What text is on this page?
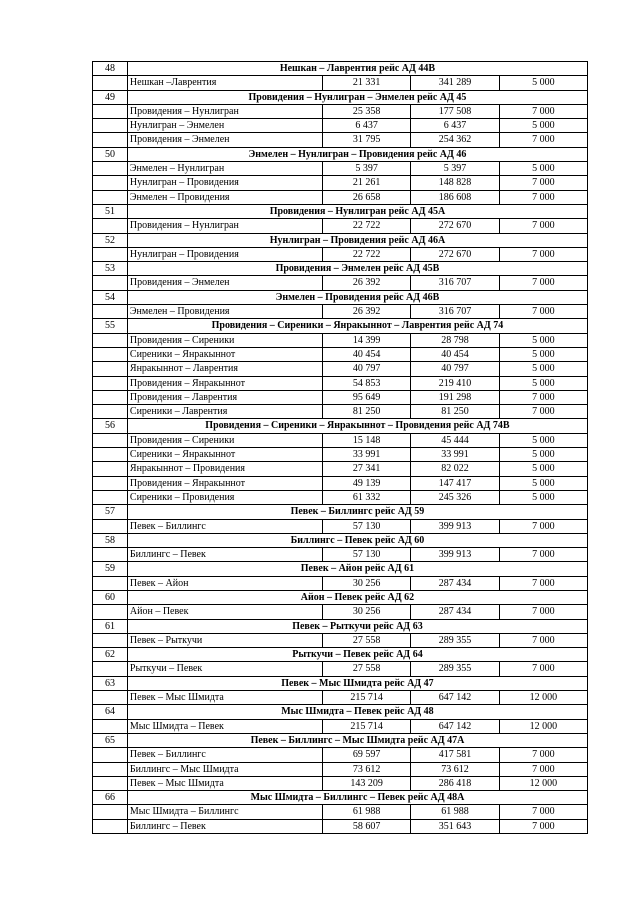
48	Нешкан – Лаврентия рейс АД 44В			
	Нешкан –Лаврентия	21 331	341 289	5 000
49	Провидения – Нунлигран – Энмелен рейс АД 45			
	Провидения – Нунлигран	25 358	177 508	7 000
	Нунлигран – Энмелен	6 437	6 437	5 000
	Провидения – Энмелен	31 795	254 362	7 000
50	Энмелен – Нунлигран – Провидения рейс АД 46			
	Энмелен – Нунлигран	5 397	5 397	5 000
	Нунлигран – Провидения	21 261	148 828	7 000
	Энмелен – Провидения	26 658	186 608	7 000
51	Провидения – Нунлигран рейс АД 45А			
	Провидения – Нунлигран	22 722	272 670	7 000
52	Нунлигран – Провидения рейс АД 46А			
	Нунлигран – Провидения	22 722	272 670	7 000
53	Провидения – Энмелен рейс АД 45В			
	Провидения – Энмелен	26 392	316 707	7 000
54	Энмелен – Провидения рейс АД 46В			
	Энмелен – Провидения	26 392	316 707	7 000
55	Провидения – Сиреники – Янракыннот – Лаврентия рейс АД 74			
	Провидения – Сиреники	14 399	28 798	5 000
	Сиреники – Янракыннот	40 454	40 454	5 000
	Янракыннот – Лаврентия	40 797	40 797	5 000
	Провидения – Янракыннот	54 853	219 410	5 000
	Провидения – Лаврентия	95 649	191 298	7 000
	Сиреники – Лаврентия	81 250	81 250	7 000
56	Провидения – Сиреники – Янракыннот – Провидения рейс АД 74В			
	Провидения – Сиреники	15 148	45 444	5 000
	Сиреники – Янракыннот	33 991	33 991	5 000
	Янракыннот – Провидения	27 341	82 022	5 000
	Провидения – Янракыннот	49 139	147 417	5 000
	Сиреники – Провидения	61 332	245 326	5 000
57	Певек – Биллингс рейс АД 59			
	Певек – Биллингс	57 130	399 913	7 000
58	Биллингс – Певек рейс АД 60			
	Биллингс – Певек	57 130	399 913	7 000
59	Певек – Айон рейс АД 61			
	Певек – Айон	30 256	287 434	7 000
60	Айон – Певек рейс АД 62			
	Айон – Певек	30 256	287 434	7 000
61	Певек – Рыткучи рейс АД 63			
	Певек – Рыткучи	27 558	289 355	7 000
62	Рыткучи – Певек рейс АД 64			
	Рыткучи – Певек	27 558	289 355	7 000
63	Певек – Мыс Шмидта рейс АД 47			
	Певек – Мыс Шмидта	215 714	647 142	12 000
64	Мыс Шмидта – Певек рейс АД 48			
	Мыс Шмидта – Певек	215 714	647 142	12 000
65	Певек – Биллингс – Мыс Шмидта рейс АД 47А			
	Певек – Биллингс	69 597	417 581	7 000
	Биллингс – Мыс Шмидта	73 612	73 612	7 000
	Певек – Мыс Шмидта	143 209	286 418	12 000
66	Мыс Шмидта – Биллингс – Певек рейс АД 48А			
	Мыс Шмидта – Биллингс	61 988	61 988	7 000
	Биллингс – Певек	58 607	351 643	7 000
